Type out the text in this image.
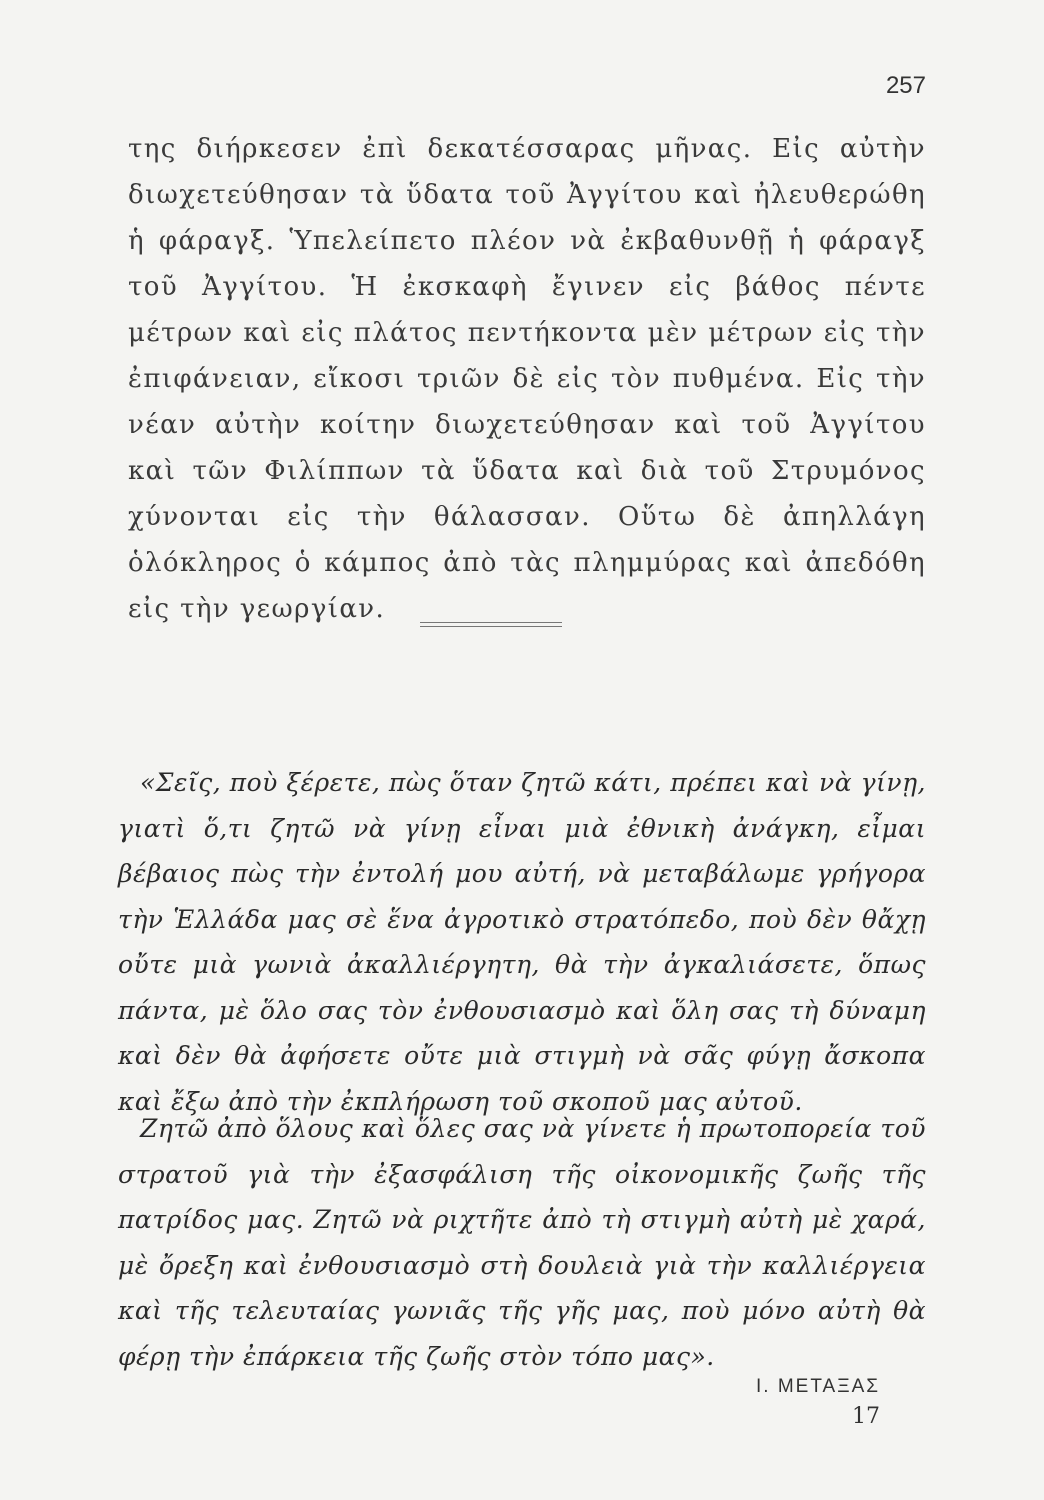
257

της διήρκεσεν ἐπὶ δεκατέσσαρας μῆνας. Εἰς αὐτὴν διωχετεύθησαν τὰ ὕδατα τοῦ Ἀγγίτου καὶ ἠλευθερώθη ἡ φάραγξ. Ὑπελείπετο πλέον νὰ ἐκβαθυνθῇ ἡ φάραγξ τοῦ Ἀγγίτου. Ἡ ἐκσκαφὴ ἔγινεν εἰς βάθος πέντε μέτρων καὶ εἰς πλάτος πεντήκοντα μὲν μέτρων εἰς τὴν ἐπιφάνειαν, εἴκοσι τριῶν δὲ εἰς τὸν πυθμένα. Εἰς τὴν νέαν αὐτὴν κοίτην διωχετεύθησαν καὶ τοῦ Ἀγγίτου καὶ τῶν Φιλίππων τὰ ὕδατα καὶ διὰ τοῦ Στρυμόνος χύνονται εἰς τὴν θάλασσαν. Οὕτω δὲ ἀπηλλάγη ὁλόκληρος ὁ κάμπος ἀπὸ τὰς πλημμύρας καὶ ἀπεδόθη εἰς τὴν γεωργίαν.

«Σεῖς, ποὺ ξέρετε, πὼς ὅταν ζητῶ κάτι, πρέπει καὶ νὰ γίνῃ, γιατὶ ὅ,τι ζητῶ νὰ γίνῃ εἶναι μιὰ ἐθνικὴ ἀνάγκη, εἶμαι βέβαιος πὼς τὴν ἐντολή μου αὐτή, νὰ μεταβάλωμε γρήγορα τὴν Ἑλλάδα μας σὲ ἕνα ἀγροτικὸ στρατόπεδο, ποὺ δὲν θἄχῃ οὔτε μιὰ γωνιὰ ἀκαλλιέργητη, θὰ τὴν ἀγκαλιάσετε, ὅπως πάντα, μὲ ὅλο σας τὸν ἐνθουσιασμὸ καὶ ὅλη σας τὴ δύναμη καὶ δὲν θὰ ἀφήσετε οὔτε μιὰ στιγμὴ νὰ σᾶς φύγῃ ἄσκοπα καὶ ἔξω ἀπὸ τὴν ἐκπλήρωση τοῦ σκοποῦ μας αὐτοῦ.

Ζητῶ ἀπὸ ὅλους καὶ ὅλες σας νὰ γίνετε ἡ πρωτοπορεία τοῦ στρατοῦ γιὰ τὴν ἐξασφάλιση τῆς οἰκονομικῆς ζωῆς τῆς πατρίδος μας. Ζητῶ νὰ ριχτῆτε ἀπὸ τὴ στιγμὴ αὐτὴ μὲ χαρά, μὲ ὄρεξη καὶ ἐνθουσιασμὸ στὴ δουλειὰ γιὰ τὴν καλλιέργεια καὶ τῆς τελευταίας γωνιᾶς τῆς γῆς μας, ποὺ μόνο αὐτὴ θὰ φέρῃ τὴν ἐπάρκεια τῆς ζωῆς στὸν τόπο μας».

Ι. ΜΕΤΑΞΑΣ
17
